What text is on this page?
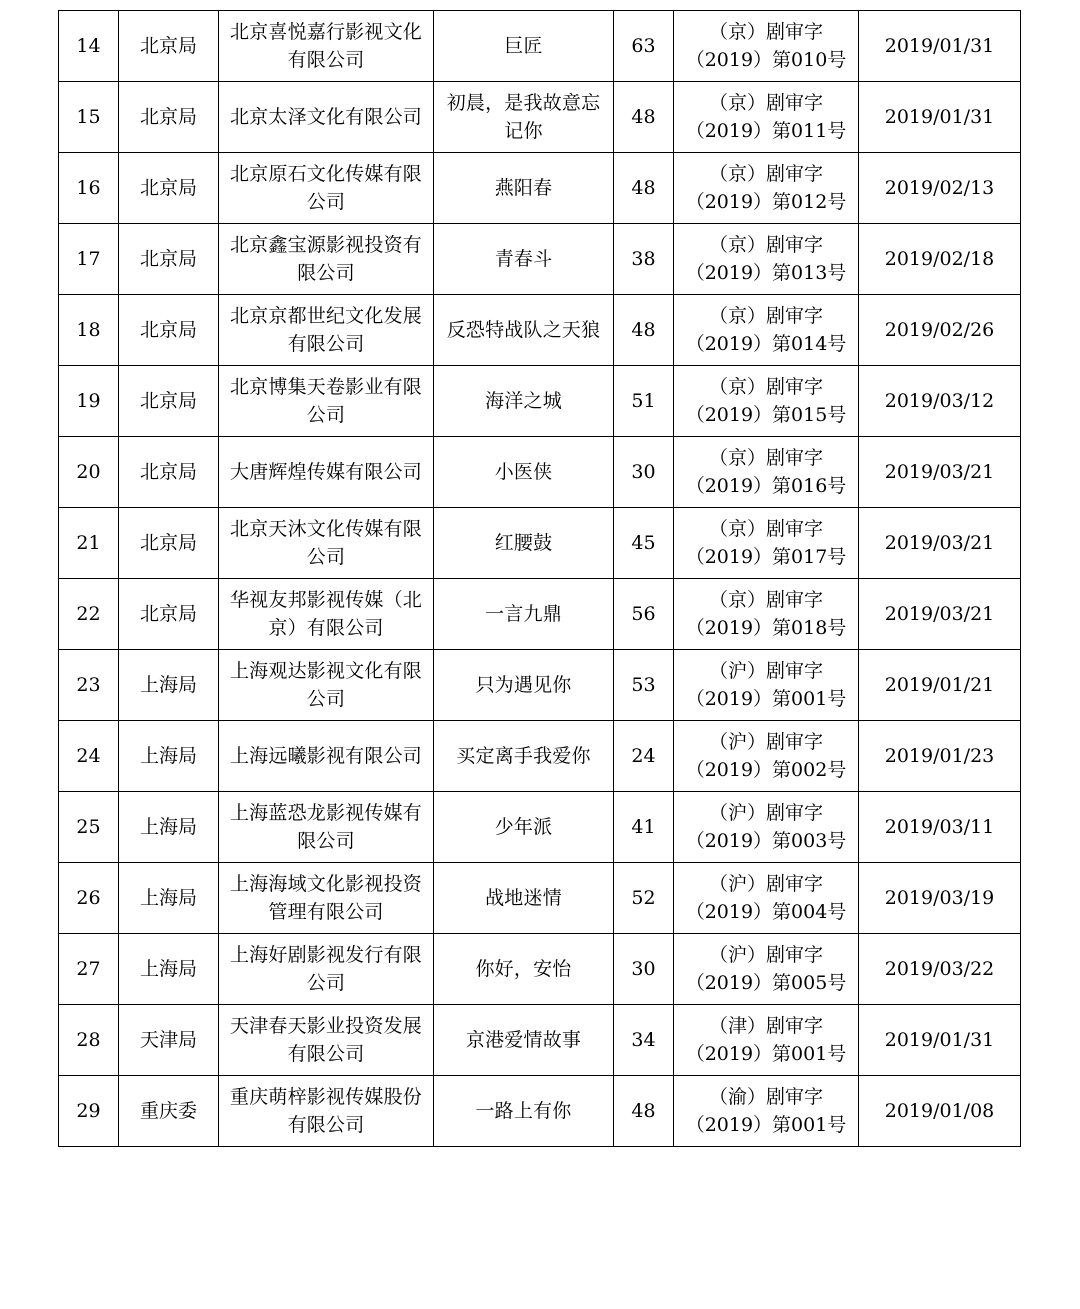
14	北京局	北京喜悦嘉行影视文化有限公司	巨匠	63	（京）剧审字
（2019）第010号	2019/01/31
15	北京局	北京太泽文化有限公司	初晨，是我故意忘记你	48	（京）剧审字
（2019）第011号	2019/01/31
16	北京局	北京原石文化传媒有限公司	燕阳春	48	（京）剧审字
（2019）第012号	2019/02/13
17	北京局	北京鑫宝源影视投资有限公司	青春斗	38	（京）剧审字
（2019）第013号	2019/02/18
18	北京局	北京京都世纪文化发展有限公司	反恐特战队之天狼	48	（京）剧审字
（2019）第014号	2019/02/26
19	北京局	北京博集天卷影业有限公司	海洋之城	51	（京）剧审字
（2019）第015号	2019/03/12
20	北京局	大唐辉煌传媒有限公司	小医侠	30	（京）剧审字
（2019）第016号	2019/03/21
21	北京局	北京天沐文化传媒有限公司	红腰鼓	45	（京）剧审字
（2019）第017号	2019/03/21
22	北京局	华视友邦影视传媒（北京）有限公司	一言九鼎	56	（京）剧审字
（2019）第018号	2019/03/21
23	上海局	上海观达影视文化有限公司	只为遇见你	53	（沪）剧审字
（2019）第001号	2019/01/21
24	上海局	上海远曦影视有限公司	买定离手我爱你	24	（沪）剧审字
（2019）第002号	2019/01/23
25	上海局	上海蓝恐龙影视传媒有限公司	少年派	41	（沪）剧审字
（2019）第003号	2019/03/11
26	上海局	上海海域文化影视投资管理有限公司	战地迷情	52	（沪）剧审字
（2019）第004号	2019/03/19
27	上海局	上海好剧影视发行有限公司	你好，安怡	30	（沪）剧审字
（2019）第005号	2019/03/22
28	天津局	天津春天影业投资发展有限公司	京港爱情故事	34	（津）剧审字
（2019）第001号	2019/01/31
29	重庆委	重庆萌梓影视传媒股份有限公司	一路上有你	48	（渝）剧审字
（2019）第001号	2019/01/08
